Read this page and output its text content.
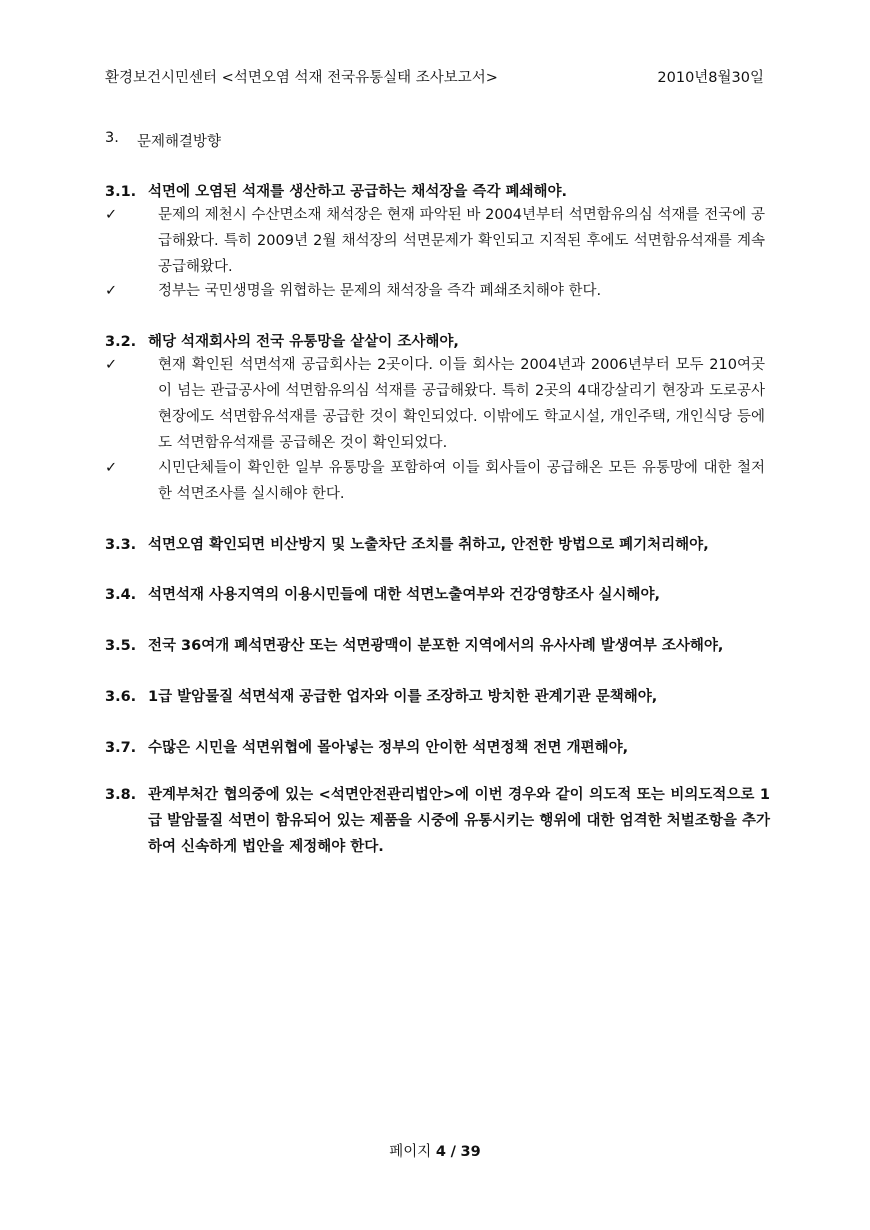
환경보건시민센터 <석면오염 석재 전국유통실태 조사보고서>	2010년8월30일
3. 문제해결방향
3.1. 석면에 오염된 석재를 생산하고 공급하는 채석장을 즉각 폐쇄해야.
✓	문제의 제천시 수산면소재 채석장은 현재 파악된 바 2004년부터 석면함유의심 석재를 전국에 공급해왔다. 특히 2009년 2월 채석장의 석면문제가 확인되고 지적된 후에도 석면함유석재를 계속 공급해왔다.
✓	정부는 국민생명을 위협하는 문제의 채석장을 즉각 폐쇄조치해야 한다.
3.2. 해당 석재회사의 전국 유통망을 샅샅이 조사해야,
✓	현재 확인된 석면석재 공급회사는 2곳이다. 이들 회사는 2004년과 2006년부터 모두 210여곳이 넘는 관급공사에 석면함유의심 석재를 공급해왔다. 특히 2곳의 4대강살리기 현장과 도로공사 현장에도 석면함유석재를 공급한 것이 확인되었다. 이밖에도 학교시설, 개인주택, 개인식당 등에도 석면함유석재를 공급해온 것이 확인되었다.
✓	시민단체들이 확인한 일부 유통망을 포함하여 이들 회사들이 공급해온 모든 유통망에 대한 철저한 석면조사를 실시해야 한다.
3.3. 석면오염 확인되면 비산방지 및 노출차단 조치를 취하고, 안전한 방법으로 폐기처리해야,
3.4. 석면석재 사용지역의 이용시민들에 대한 석면노출여부와 건강영향조사 실시해야,
3.5. 전국 36여개 폐석면광산 또는 석면광맥이 분포한 지역에서의 유사사례 발생여부 조사해야,
3.6. 1급 발암물질 석면석재 공급한 업자와 이를 조장하고 방치한 관계기관 문책해야,
3.7. 수많은 시민을 석면위협에 몰아넣는 정부의 안이한 석면정책 전면 개편해야,
3.8. 관계부처간 협의중에 있는 <석면안전관리법안>에 이번 경우와 같이 의도적 또는 비의도적으로 1급 발암물질 석면이 함유되어 있는 제품을 시중에 유통시키는 행위에 대한 엄격한 처벌조항을 추가하여 신속하게 법안을 제정해야 한다.
페이지 4 / 39
